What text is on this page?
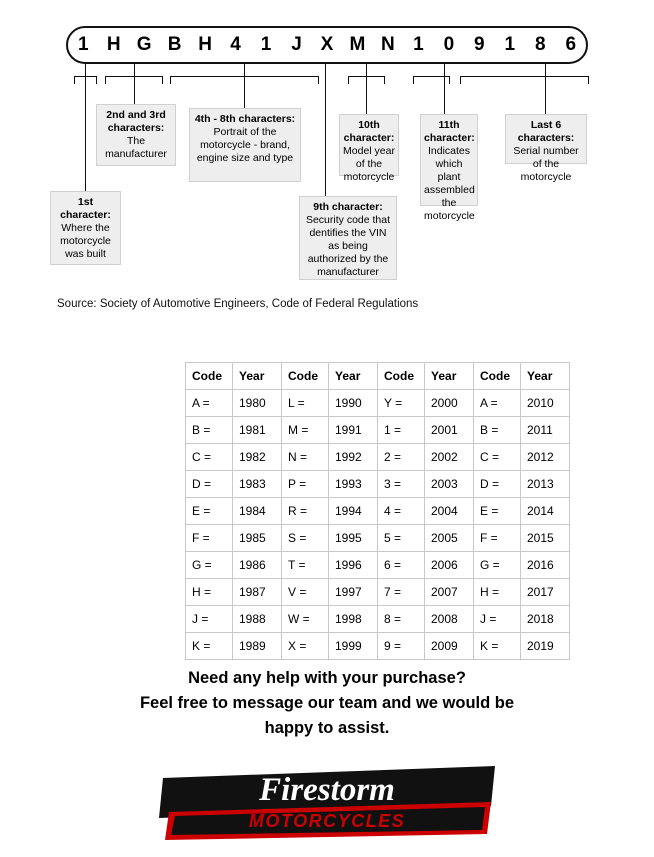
1 H G B H 4	1	J X M N 1	0	9	1	8	6
1st character:
Where the motorcycle was built
2nd and 3rd characters:
The manufacturer
4th - 8th characters:
Portrait of the motorcycle - brand, engine size and type
9th character:
Security code that dentifies the VIN as being authorized by the manufacturer
10th character:
Model year of the motorcycle
11th character:
Indicates which plant assembled the motorcycle
Last 6 characters:
Serial number of the motorcycle
Source: Society of Automotive Engineers, Code of Federal Regulations
Code	Year	Code	Year	Code	Year	Code	Year
A =	1980	L =	1990	Y =	2000	A =	2010
B =	1981	M =	1991	1 =	2001	B =	2011
C =	1982	N =	1992	2 =	2002	C =	2012
D =	1983	P =	1993	3 =	2003	D =	2013
E =	1984	R =	1994	4 =	2004	E =	2014
F =	1985	S =	1995	5 =	2005	F =	2015
G =	1986	T =	1996	6 =	2006	G =	2016
H =	1987	V =	1997	7 =	2007	H =	2017
J =	1988	W =	1998	8 =	2008	J =	2018
K =	1989	X =	1999	9 =	2009	K =	2019
Need any help with your purchase?
Feel free to message our team and we would be
happy to assist.
Firestorm
MOTORCYCLES
